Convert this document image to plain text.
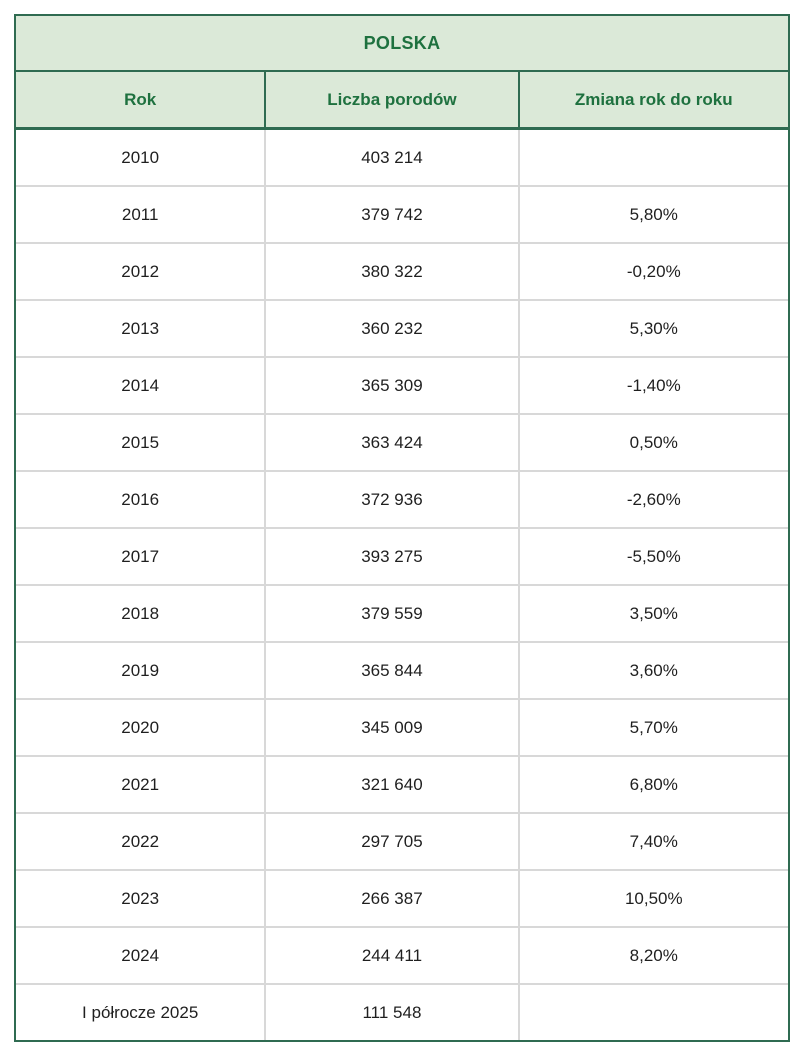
POLSKA		
Rok	Liczba porodów	Zmiana rok do roku
2010	403 214	
2011	379 742	5,80%
2012	380 322	-0,20%
2013	360 232	5,30%
2014	365 309	-1,40%
2015	363 424	0,50%
2016	372 936	-2,60%
2017	393 275	-5,50%
2018	379 559	3,50%
2019	365 844	3,60%
2020	345 009	5,70%
2021	321 640	6,80%
2022	297 705	7,40%
2023	266 387	10,50%
2024	244 411	8,20%
I półrocze 2025	111 548	
